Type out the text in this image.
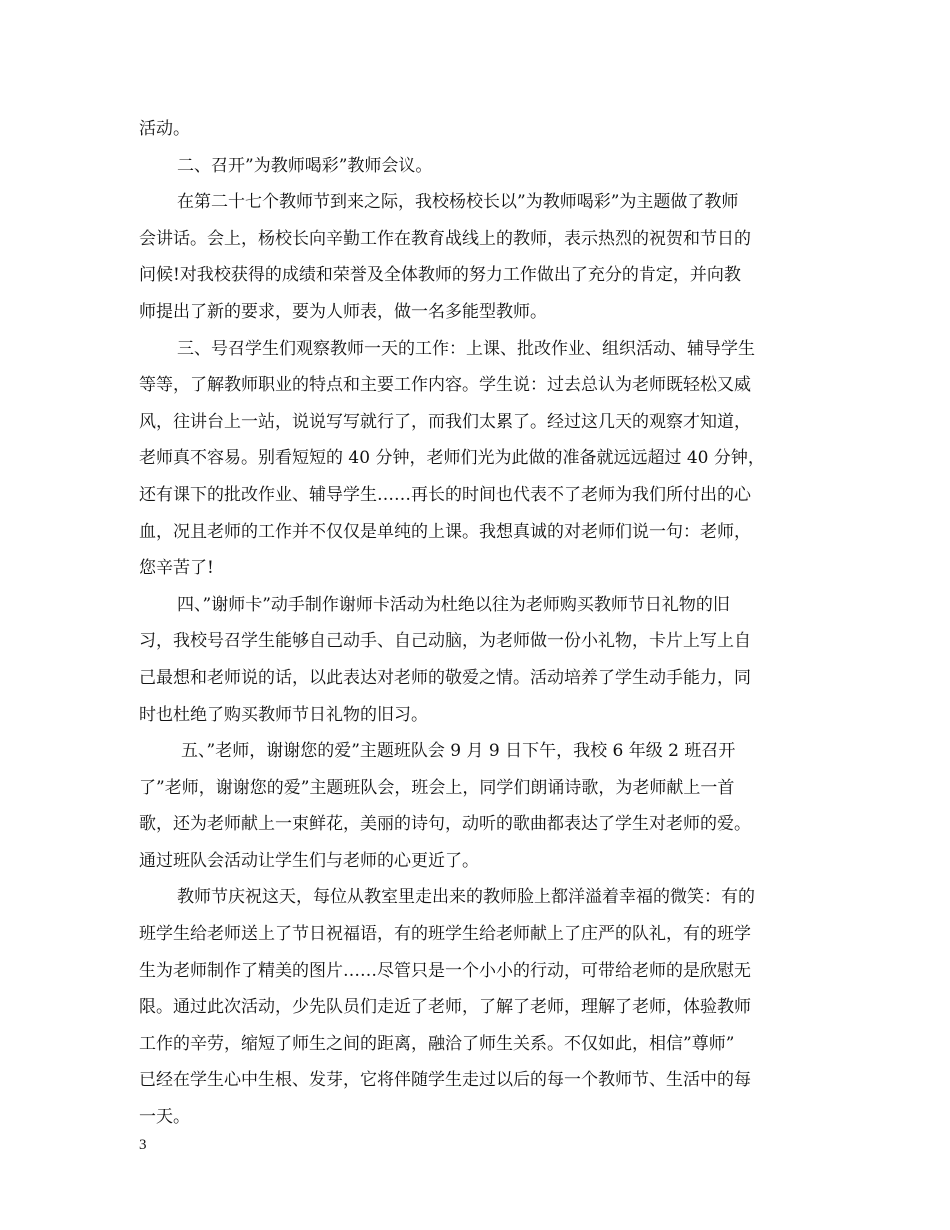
活动。
二、召开”为教师喝彩”教师会议。
在第二十七个教师节到来之际，我校杨校长以”为教师喝彩”为主题做了教师
会讲话。会上，杨校长向辛勤工作在教育战线上的教师，表示热烈的祝贺和节日的
问候!对我校获得的成绩和荣誉及全体教师的努力工作做出了充分的肯定，并向教
师提出了新的要求，要为人师表，做一名多能型教师。
三、号召学生们观察教师一天的工作：上课、批改作业、组织活动、辅导学生
等等，了解教师职业的特点和主要工作内容。学生说：过去总认为老师既轻松又威
风，往讲台上一站，说说写写就行了，而我们太累了。经过这几天的观察才知道，
老师真不容易。别看短短的 40 分钟，老师们光为此做的准备就远远超过 40 分钟，
还有课下的批改作业、辅导学生……再长的时间也代表不了老师为我们所付出的心
血，况且老师的工作并不仅仅是单纯的上课。我想真诚的对老师们说一句：老师，
您辛苦了!
四、”谢师卡”动手制作谢师卡活动为杜绝以往为老师购买教师节日礼物的旧
习，我校号召学生能够自己动手、自己动脑，为老师做一份小礼物，卡片上写上自
己最想和老师说的话，以此表达对老师的敬爱之情。活动培养了学生动手能力，同
时也杜绝了购买教师节日礼物的旧习。
五、”老师，谢谢您的爱”主题班队会 9 月 9 日下午，我校 6 年级 2 班召开
了”老师，谢谢您的爱”主题班队会，班会上，同学们朗诵诗歌，为老师献上一首
歌，还为老师献上一束鲜花，美丽的诗句，动听的歌曲都表达了学生对老师的爱。
通过班队会活动让学生们与老师的心更近了。
教师节庆祝这天，每位从教室里走出来的教师脸上都洋溢着幸福的微笑：有的
班学生给老师送上了节日祝福语，有的班学生给老师献上了庄严的队礼，有的班学
生为老师制作了精美的图片……尽管只是一个小小的行动，可带给老师的是欣慰无
限。通过此次活动，少先队员们走近了老师，了解了老师，理解了老师，体验教师
工作的辛劳，缩短了师生之间的距离，融洽了师生关系。不仅如此，相信”尊师”
已经在学生心中生根、发芽，它将伴随学生走过以后的每一个教师节、生活中的每
一天。
3
